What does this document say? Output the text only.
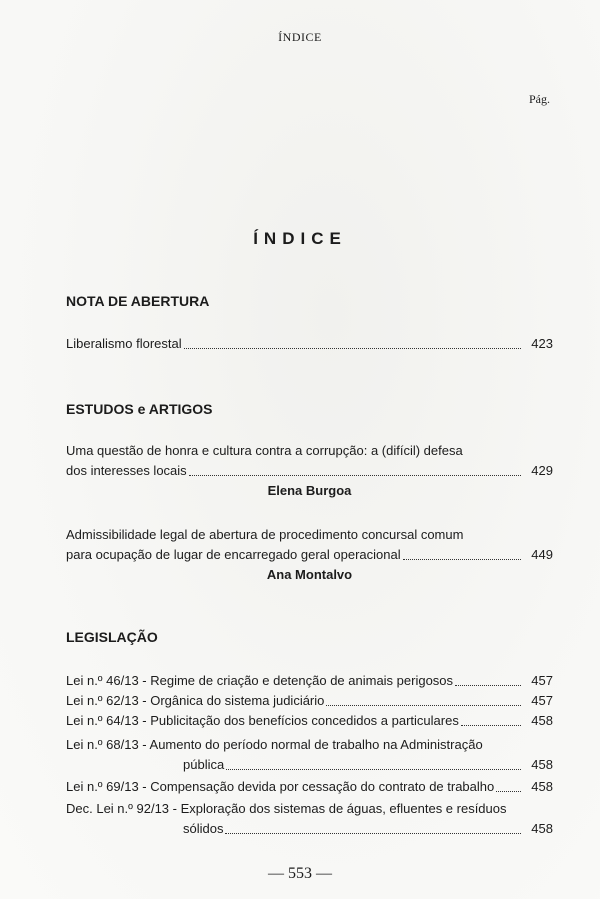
ÍNDICE
Pág.
ÍNDICE
NOTA DE ABERTURA
Liberalismo florestal	423
ESTUDOS e ARTIGOS
Uma questão de honra e cultura contra a corrupção: a (difícil) defesa
dos interesses locais	429
Elena Burgoa
Admissibilidade legal de abertura de procedimento concursal comum
para ocupação de lugar de encarregado geral operacional	449
Ana Montalvo
LEGISLAÇÃO
Lei n.º 46/13 - Regime de criação e detenção de animais perigosos	457
Lei n.º 62/13 - Orgânica do sistema judiciário	457
Lei n.º 64/13 - Publicitação dos benefícios concedidos a particulares	458
Lei n.º 68/13 - Aumento do período normal de trabalho na Administração
pública	458
Lei n.º 69/13 - Compensação devida por cessação do contrato de trabalho	458
Dec. Lei n.º 92/13 - Exploração dos sistemas de águas, efluentes e resíduos
sólidos	458
— 553 —
